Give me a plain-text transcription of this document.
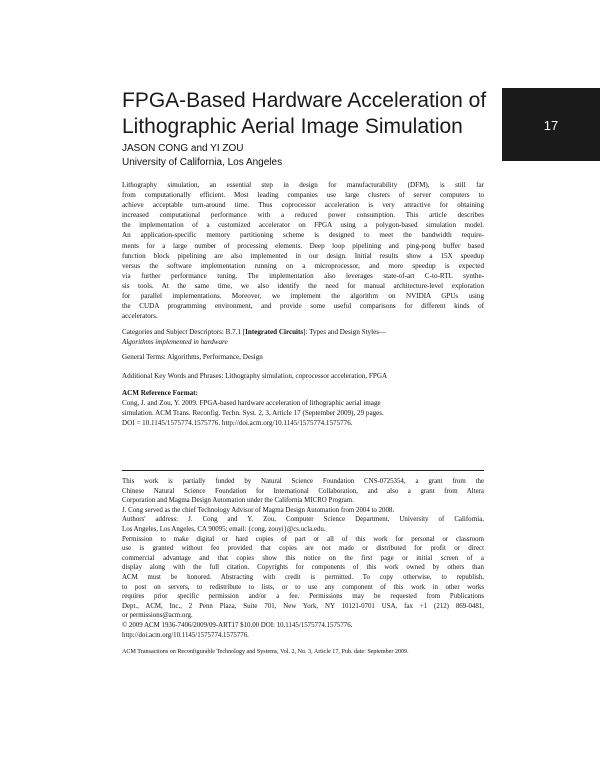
FPGA-Based Hardware Acceleration of
Lithographic Aerial Image Simulation	17
JASON CONG and YI ZOU
University of California, Los Angeles
Lithography simulation, an essential step in design for manufacturability (DFM), is still far
from computationally efficient. Most leading companies use large clusters of server computers to
achieve acceptable turn-around time. Thus coprocessor acceleration is very attractive for obtaining
increased computational performance with a reduced power consumption. This article describes
the implementation of a customized accelerator on FPGA using a polygon-based simulation model.
An application-specific memory partitioning scheme is designed to meet the bandwidth require-
ments for a large number of processing elements. Deep loop pipelining and ping-pong buffer based
function block pipelining are also implemented in our design. Initial results show a 15X speedup
versus the software implementation running on a microprocessor, and more speedup is expected
via further performance tuning. The implementation also leverages state-of-art C-to-RTL synthe-
sis tools. At the same time, we also identify the need for manual architecture-level exploration
for parallel implementations. Moreover, we implement the algorithm on NVIDIA GPUs using
the CUDA programming environment, and provide some useful comparisons for different kinds of
accelerators.
Categories and Subject Descriptors: B.7.1 [Integrated Circuits]: Types and Design Styles—
Algorithms implemented in hardware
General Terms: Algorithms, Performance, Design
Additional Key Words and Phrases: Lithography simulation, coprocessor acceleration, FPGA
ACM Reference Format:
Cong, J. and Zou, Y. 2009. FPGA-based hardware acceleration of lithographic aerial image
simulation. ACM Trans. Reconfig. Techn. Syst. 2, 3, Article 17 (September 2009), 29 pages.
DOI = 10.1145/1575774.1575776. http://doi.acm.org/10.1145/1575774.1575776.
This work is partially funded by Natural Science Foundation CNS-0725354, a grant from the
Chinese Natural Science Foundation for International Collaboration, and also a grant from Altera
Corporation and Magma Design Automation under the California MICRO Program.
J. Cong served as the chief Technology Advisor of Magma Design Automation from 2004 to 2008.
Authors' address: J. Cong and Y. Zou, Computer Science Department, University of California,
Los Angeles, Los Angeles, CA 90095; email: {cong, zouyi}@cs.ucla.edu.
Permission to make digital or hard copies of part or all of this work for personal or classroom
use is granted without fee provided that copies are not made or distributed for profit or direct
commercial advantage and that copies show this notice on the first page or initial screen of a
display along with the full citation. Copyrights for components of this work owned by others than
ACM must be honored. Abstracting with credit is permitted. To copy otherwise, to republish,
to post on servers, to redistribute to lists, or to use any component of this work in other works
requires prior specific permission and/or a fee. Permissions may be requested from Publications
Dept., ACM, Inc., 2 Penn Plaza, Suite 701, New York, NY 10121-0701 USA, fax +1 (212) 869-0481,
or permissions@acm.org.
© 2009 ACM 1936-7406/2009/09-ART17 $10.00 DOI: 10.1145/1575774.1575776.
http://doi.acm.org/10.1145/1575774.1575776.
ACM Transactions on Reconfigurable Technology and Systems, Vol. 2, No. 3, Article 17, Pub. date: September 2009.
